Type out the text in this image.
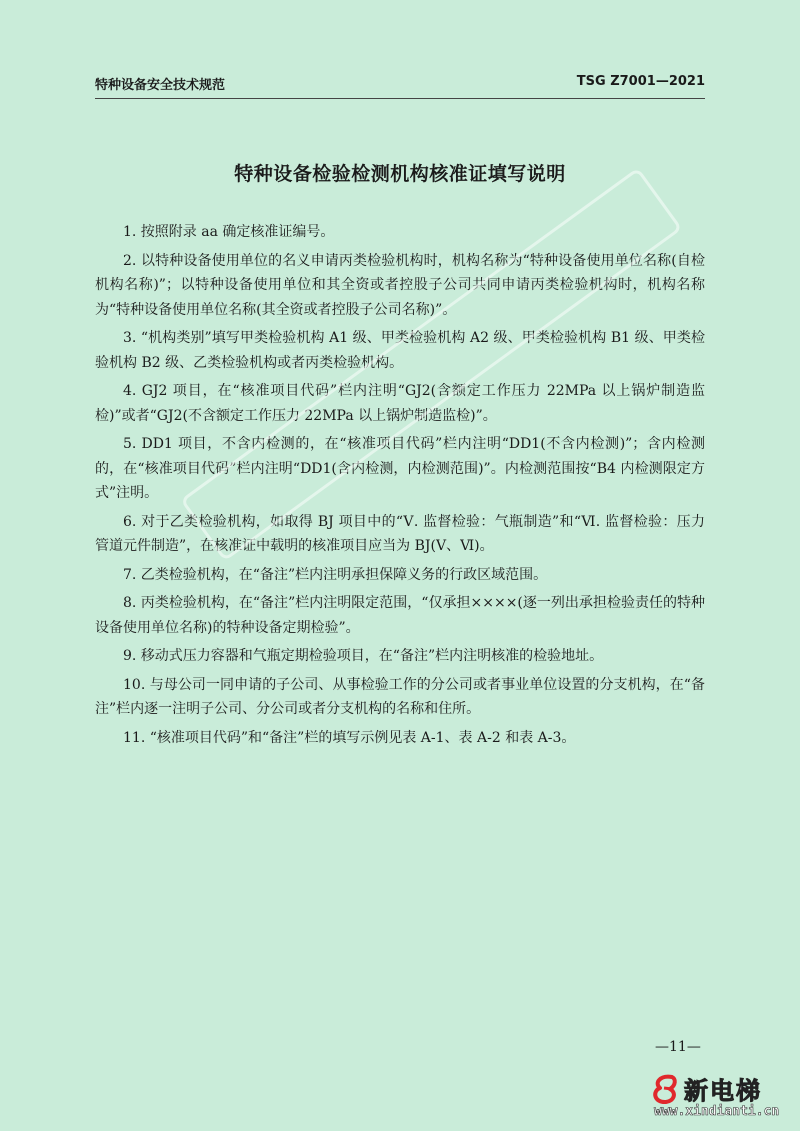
特种设备安全技术规范	TSG Z7001—2021
特种设备检验检测机构核准证填写说明

1. 按照附录 aa 确定核准证编号。

2. 以特种设备使用单位的名义申请丙类检验机构时，机构名称为“特种设备使用单位名称(自检机构名称)”；以特种设备使用单位和其全资或者控股子公司共同申请丙类检验机构时，机构名称为“特种设备使用单位名称(其全资或者控股子公司名称)”。

3. “机构类别”填写甲类检验机构 A1 级、甲类检验机构 A2 级、甲类检验机构 B1 级、甲类检验机构 B2 级、乙类检验机构或者丙类检验机构。

4. GJ2 项目，在“核准项目代码”栏内注明“GJ2(含额定工作压力 22MPa 以上锅炉制造监检)”或者“GJ2(不含额定工作压力 22MPa 以上锅炉制造监检)”。

5. DD1 项目，不含内检测的，在“核准项目代码”栏内注明“DD1(不含内检测)”；含内检测的，在“核准项目代码”栏内注明“DD1(含内检测，内检测范围)”。内检测范围按“B4 内检测限定方式”注明。

6. 对于乙类检验机构，如取得 BJ 项目中的“Ⅴ. 监督检验：气瓶制造”和“Ⅵ. 监督检验：压力管道元件制造”，在核准证中载明的核准项目应当为 BJ(Ⅴ、Ⅵ)。

7. 乙类检验机构，在“备注”栏内注明承担保障义务的行政区域范围。

8. 丙类检验机构，在“备注”栏内注明限定范围，“仅承担××××(逐一列出承担检验责任的特种设备使用单位名称)的特种设备定期检验”。

9. 移动式压力容器和气瓶定期检验项目，在“备注”栏内注明核准的检验地址。

10. 与母公司一同申请的子公司、从事检验工作的分公司或者事业单位设置的分支机构，在“备注”栏内逐一注明子公司、分公司或者分支机构的名称和住所。

11. “核准项目代码”和“备注”栏的填写示例见表 A-1、表 A-2 和表 A-3。

—11—
新电梯
www.xindianti.cn
